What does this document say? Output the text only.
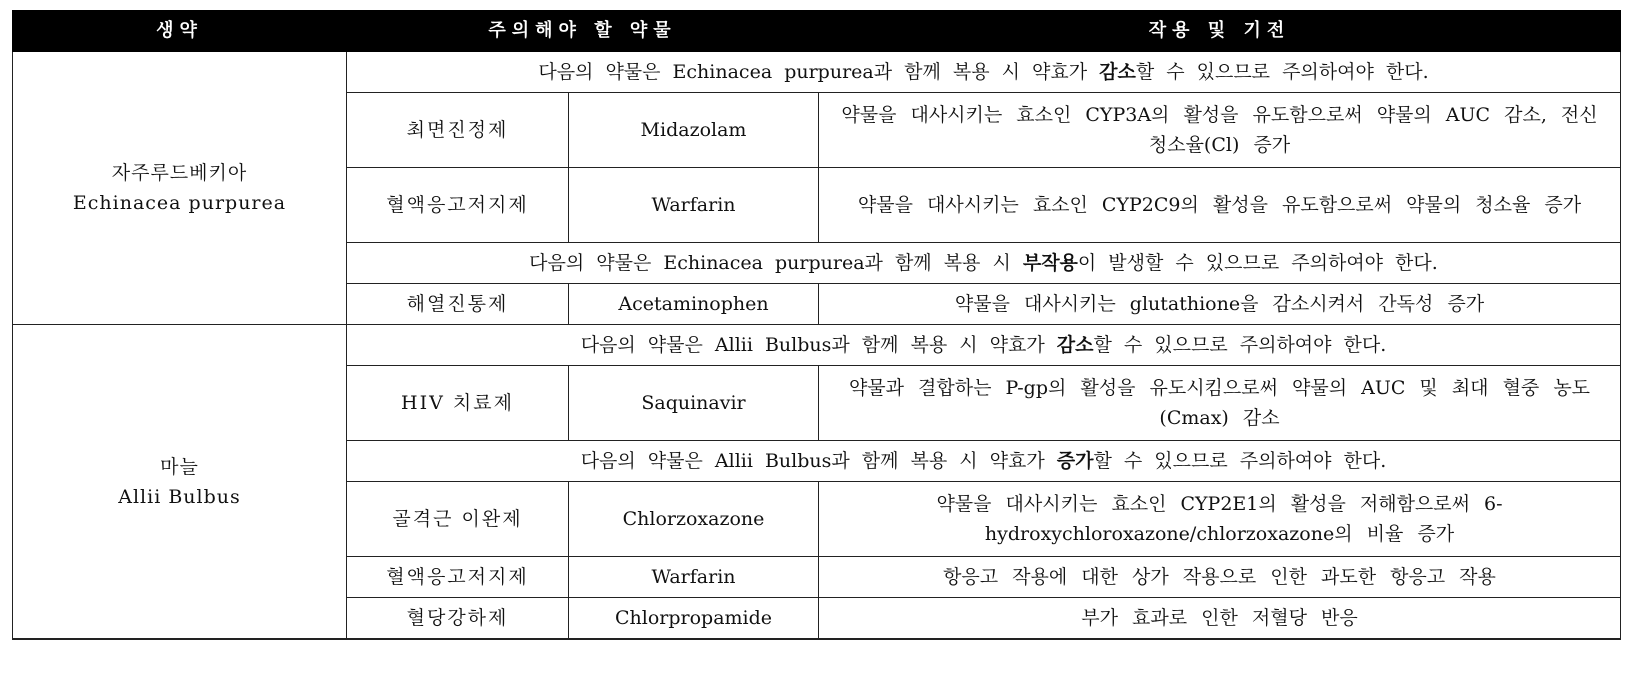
생약	주의해야 할 약물		작용 및 기전

자주루드베키아
Echinacea purpurea	다음의 약물은 Echinacea purpurea과 함께 복용 시 약효가 감소할 수 있으므로 주의하여야 한다.		
	최면진정제	Midazolam	약물을 대사시키는 효소인 CYP3A의 활성을 유도함으로써 약물의 AUC 감소, 전신청소율(Cl) 증가
	혈액응고저지제	Warfarin	약물을 대사시키는 효소인 CYP2C9의 활성을 유도함으로써 약물의 청소율 증가
	다음의 약물은 Echinacea purpurea과 함께 복용 시 부작용이 발생할 수 있으므로 주의하여야 한다.		
	해열진통제	Acetaminophen	약물을 대사시키는 glutathione을 감소시켜서 간독성 증가

마늘
Allii Bulbus	다음의 약물은 Allii Bulbus과 함께 복용 시 약효가 감소할 수 있으므로 주의하여야 한다.		
	HIV 치료제	Saquinavir	약물과 결합하는 P-gp의 활성을 유도시킴으로써 약물의 AUC 및 최대 혈중 농도(Cmax) 감소
	다음의 약물은 Allii Bulbus과 함께 복용 시 약효가 증가할 수 있으므로 주의하여야 한다.		
	골격근 이완제	Chlorzoxazone	약물을 대사시키는 효소인 CYP2E1의 활성을 저해함으로써 6-hydroxychloroxazone/chlorzoxazone의 비율 증가
	혈액응고저지제	Warfarin	항응고 작용에 대한 상가 작용으로 인한 과도한 항응고 작용
	혈당강하제	Chlorpropamide	부가 효과로 인한 저혈당 반응
